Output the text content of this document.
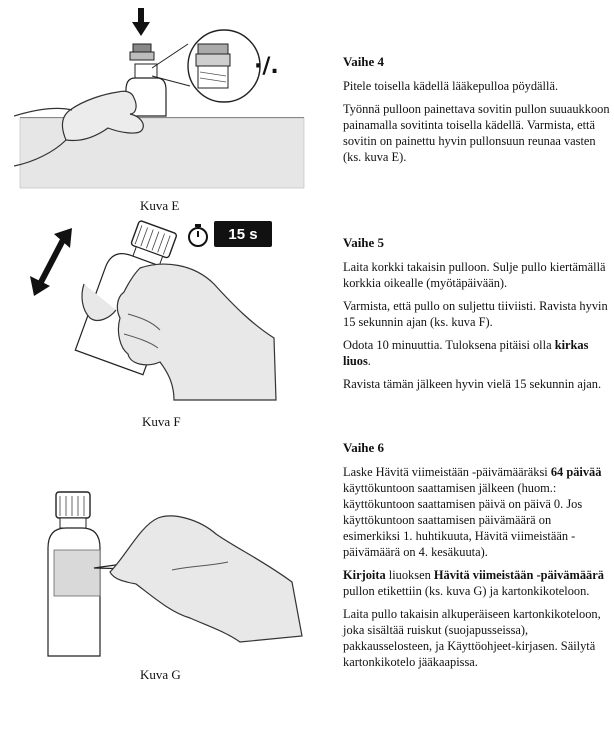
·/.
Kuva E
15 s
Kuva F
Kuva G
Vaihe 4

Pitele toisella kädellä lääkepulloa pöydällä.

Työnnä pulloon painettava sovitin pullon suuaukkoon painamalla sovitinta toisella kädellä. Varmista, että sovitin on painettu hyvin pullonsuun reunaa vasten (ks. kuva E).

Vaihe 5

Laita korkki takaisin pulloon. Sulje pullo kiertämällä korkkia oikealle (myötäpäivään).

Varmista, että pullo on suljettu tiiviisti. Ravista hyvin 15 sekunnin ajan (ks. kuva F).

Odota 10 minuuttia. Tuloksena pitäisi olla kirkas liuos.

Ravista tämän jälkeen hyvin vielä 15 sekunnin ajan.

Vaihe 6

Laske Hävitä viimeistään -päivämääräksi 64 päivää käyttökuntoon saattamisen jälkeen (huom.: käyttökuntoon saattamisen päivä on päivä 0. Jos käyttökuntoon saattamisen päivämäärä on esimerkiksi 1. huhtikuuta, Hävitä viimeistään -päivämäärä on 4. kesäkuuta).

Kirjoita liuoksen Hävitä viimeistään -päivämäärä pullon etikettiin (ks. kuva G) ja kartonkikoteloon.

Laita pullo takaisin alkuperäiseen kartonkikoteloon, joka sisältää ruiskut (suojapusseissa), pakkausselosteen, ja Käyttöohjeet-kirjasen. Säilytä kartonkikotelo jääkaapissa.
